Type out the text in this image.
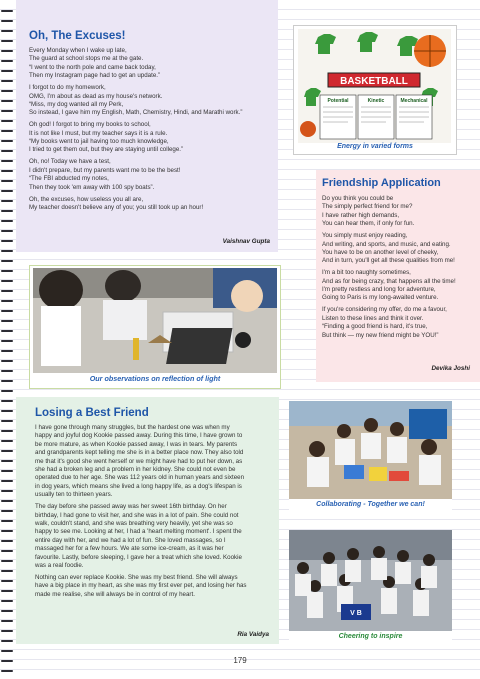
Oh, The Excuses!

Every Monday when I wake up late,
The guard at school stops me at the gate.
“I went to the north pole and came back today,
Then my Instagram page had to get an update.”

I forgot to do my homework,
OMG, I'm about as dead as my house's network.
“Miss, my dog wanted all my Perk,
So instead, I gave him my English, Math, Chemistry, Hindi, and Marathi work.”

Oh god! I forgot to bring my books to school,
It is not like I must, but my teacher says it is a rule.
“My books went to jail having too much knowledge,
I tried to get them out, but they are staying until college.”

Oh, no! Today we have a test,
I didn't prepare, but my parents want me to be the best!
“The FBI abducted my notes,
Then they took 'em away with 100 spy boats”.

Oh, the excuses, how useless you all are,
My teacher doesn't believe any of you; you still took up an hour!

Vaishnav Gupta
BASKETBALL
Potential	Kinetic	Mechanical
Energy in varied forms
Friendship Application

Do you think you could be
The simply perfect friend for me?
I have rather high demands,
You can hear them, if only for fun.

You simply must enjoy reading,
And writing, and sports, and music, and eating.
You have to be on another level of cheeky,
And in turn, you'll get all these qualities from me!

I'm a bit too naughty sometimes,
And as for being crazy, that happens all the time!
I'm pretty restless and long for adventure,
Going to Paris is my long-awaited venture.

If you're considering my offer, do me a favour,
Listen to these lines and think it over.
“Finding a good friend is hard, it's true,
But think — my new friend might be YOU!”

Devika Joshi
Our observations on reflection of light
Losing a Best Friend

I have gone through many struggles, but the hardest one was when my
happy and joyful dog Kookie passed away. During this time, I have grown to
be more mature, as when Kookie passed away, I was in tears. My parents
and grandparents kept telling me she is in a better place now. They also told
me that it's good she went herself or we might have had to put her down, as
she had a broken leg and a problem in her kidney. She could not even be
operated due to her age. She was 112 years old in human years and sixteen
in dog years, which means she lived a long happy life, as a dog's lifespan is
usually ten to thirteen years.

The day before she passed away was her sweet 16th birthday. On her
birthday, I had gone to visit her, and she was in a lot of pain. She could not
walk, couldn't stand, and she was breathing very heavily, yet she was so
happy to see me. Looking at her, I had a 'heart melting moment'. I spent the
entire day with her, and we had a lot of fun. She loved massages, so I
massaged her for a few hours. We ate some ice-cream, as it was her
favourite. Lastly, before sleeping, I gave her a treat which she loved. Kookie
was a real foodie.

Nothing can ever replace Kookie. She was my best friend. She will always
have a big place in my heart, as she was my first ever pet, and losing her has
made me realise, she will always be in control of my heart.

Ria Vaidya
Collaborating - Together we can!
V B
Cheering to inspire
179
